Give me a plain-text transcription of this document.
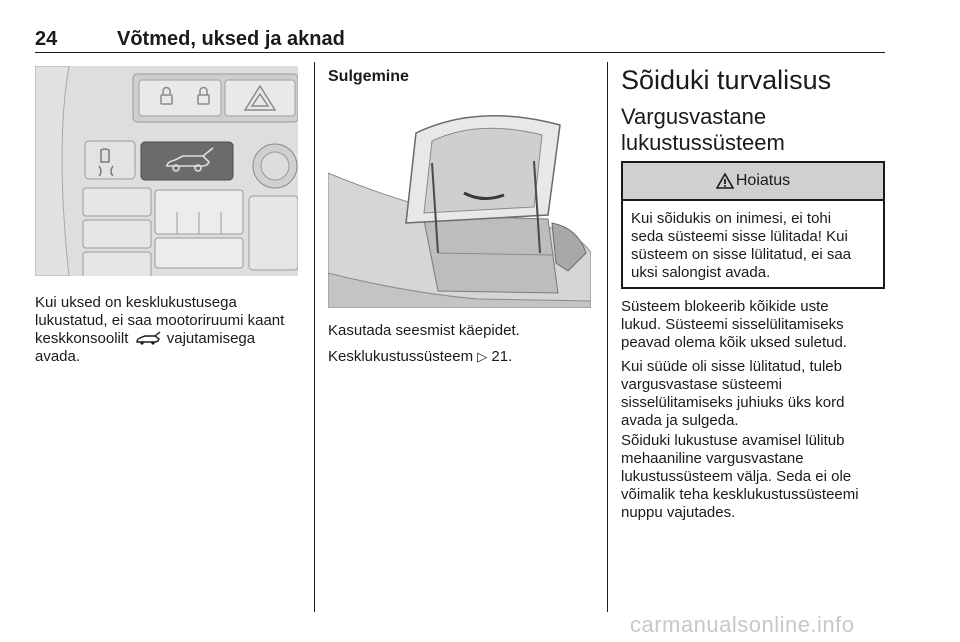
24	Võtmed, uksed ja aknad
Kui uksed on kesklukustusega
lukustatud, ei saa mootoriruumi kaant
keskkonsoolilt	vajutamisega
avada.
Sulgemine
Kasutada seesmist käepidet.
Kesklukustussüsteem ▷ 21.
Sõiduki turvalisus
Vargusvastane
lukustussüsteem
Hoiatus
Kui sõidukis on inimesi, ei tohi
seda süsteemi sisse lülitada! Kui
süsteem on sisse lülitatud, ei saa
uksi salongist avada.
Süsteem blokeerib kõikide uste
lukud. Süsteemi sisselülitamiseks
peavad olema kõik uksed suletud.
Kui süüde oli sisse lülitatud, tuleb
vargusvastase süsteemi
sisselülitamiseks juhiuks üks kord
avada ja sulgeda.
Sõiduki lukustuse avamisel lülitub
mehaaniline vargusvastane
lukustussüsteem välja. Seda ei ole
võimalik teha kesklukustussüsteemi
nuppu vajutades.
carmanualsonline.info
